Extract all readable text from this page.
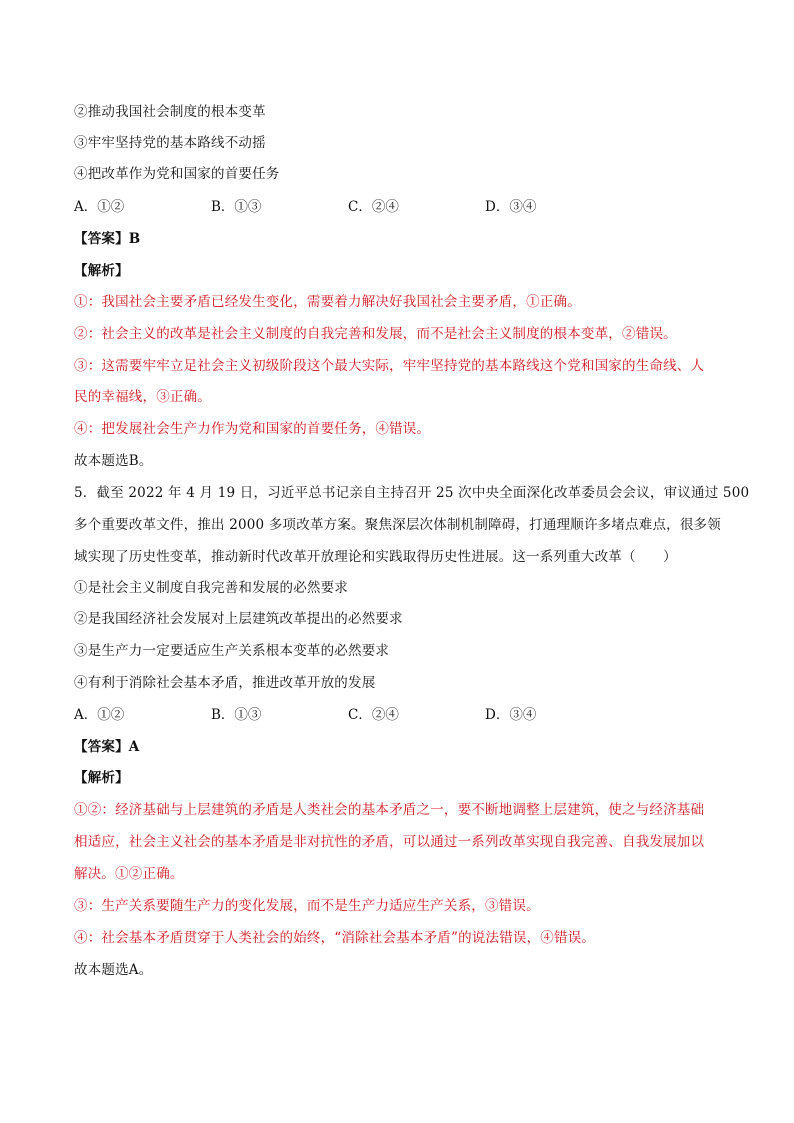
②推动我国社会制度的根本变革
③牢牢坚持党的基本路线不动摇
④把改革作为党和国家的首要任务
A．①②	B．①③	C．②④	D．③④
【答案】B
【解析】
①：我国社会主要矛盾已经发生变化，需要着力解决好我国社会主要矛盾，①正确。
②：社会主义的改革是社会主义制度的自我完善和发展，而不是社会主义制度的根本变革，②错误。
③：这需要牢牢立足社会主义初级阶段这个最大实际，牢牢坚持党的基本路线这个党和国家的生命线、人
民的幸福线，③正确。
④：把发展社会生产力作为党和国家的首要任务，④错误。
故本题选B。
5．截至 2022 年 4 月 19 日，习近平总书记亲自主持召开 25 次中央全面深化改革委员会会议，审议通过 500
多个重要改革文件，推出 2000 多项改革方案。聚焦深层次体制机制障碍，打通理顺许多堵点难点，很多领
域实现了历史性变革，推动新时代改革开放理论和实践取得历史性进展。这一系列重大改革（　　）
①是社会主义制度自我完善和发展的必然要求
②是我国经济社会发展对上层建筑改革提出的必然要求
③是生产力一定要适应生产关系根本变革的必然要求
④有利于消除社会基本矛盾，推进改革开放的发展
A．①②	B．①③	C．②④	D．③④
【答案】A
【解析】
①②：经济基础与上层建筑的矛盾是人类社会的基本矛盾之一，要不断地调整上层建筑，使之与经济基础
相适应，社会主义社会的基本矛盾是非对抗性的矛盾，可以通过一系列改革实现自我完善、自我发展加以
解决。①②正确。
③：生产关系要随生产力的变化发展，而不是生产力适应生产关系，③错误。
④：社会基本矛盾贯穿于人类社会的始终，“消除社会基本矛盾”的说法错误，④错误。
故本题选A。
